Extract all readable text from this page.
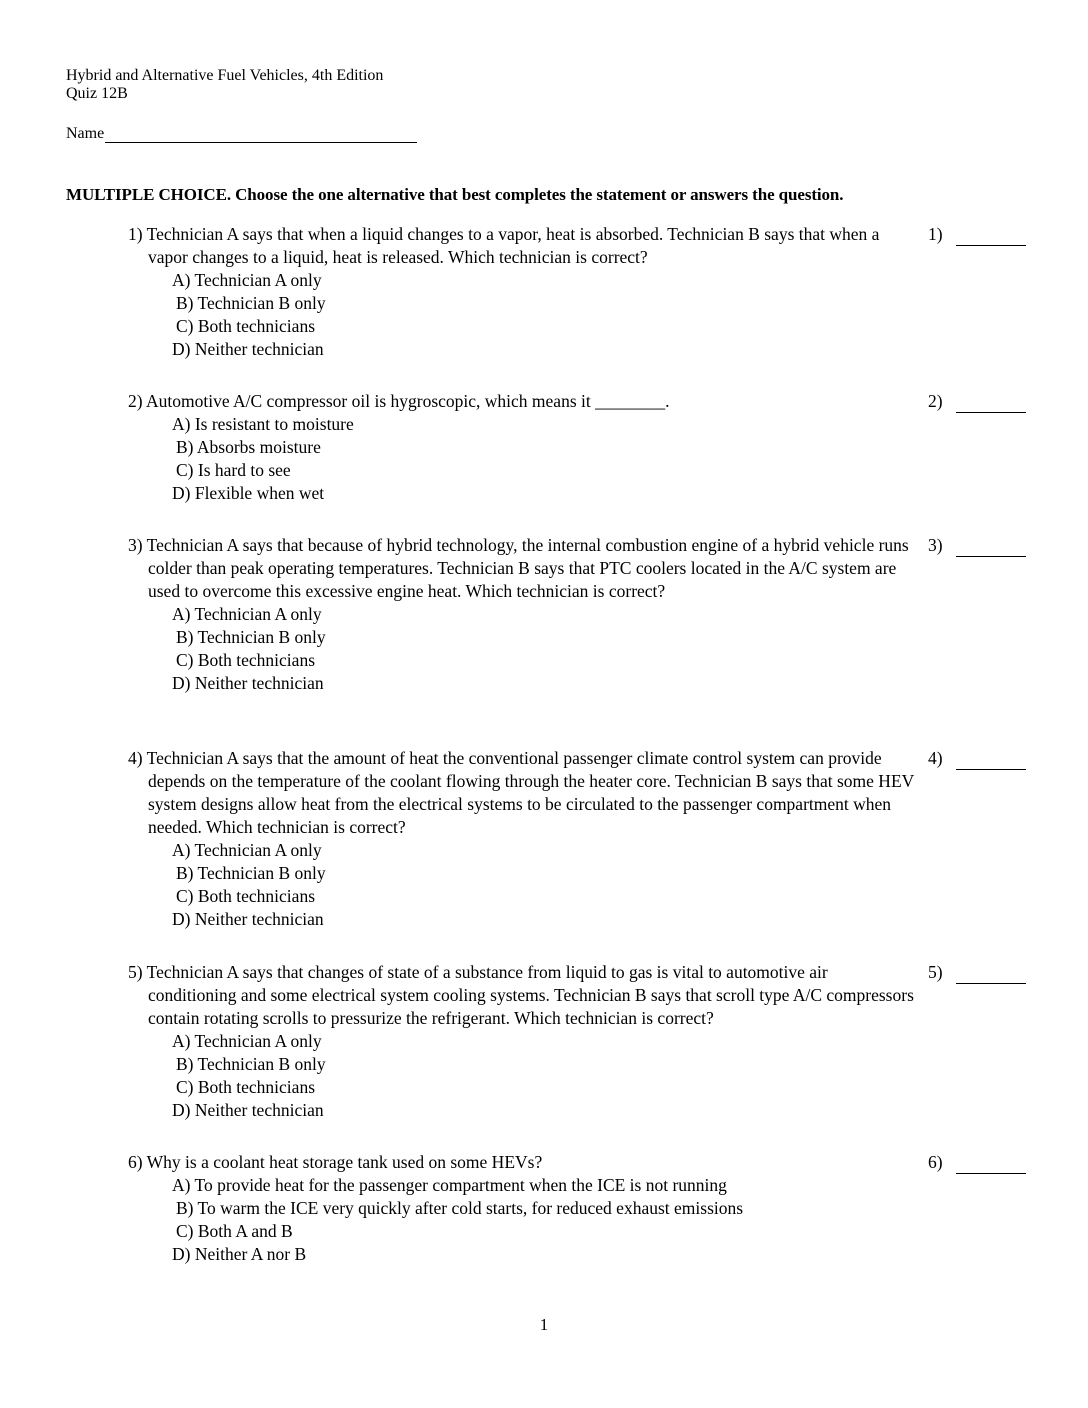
Hybrid and Alternative Fuel Vehicles, 4th Edition
Quiz 12B
Name
MULTIPLE CHOICE. Choose the one alternative that best completes the statement or answers the question.
1) Technician A says that when a liquid changes to a vapor, heat is absorbed. Technician B says that when a vapor changes to a liquid, heat is released. Which technician is correct?
A) Technician A only
B) Technician B only
C) Both technicians
D) Neither technician
1)
2) Automotive A/C compressor oil is hygroscopic, which means it ________.
A) Is resistant to moisture
B) Absorbs moisture
C) Is hard to see
D) Flexible when wet
2)
3) Technician A says that because of hybrid technology, the internal combustion engine of a hybrid vehicle runs colder than peak operating temperatures. Technician B says that PTC coolers located in the A/C system are used to overcome this excessive engine heat. Which technician is correct?
A) Technician A only
B) Technician B only
C) Both technicians
D) Neither technician
3)
4) Technician A says that the amount of heat the conventional passenger climate control system can provide depends on the temperature of the coolant flowing through the heater core. Technician B says that some HEV system designs allow heat from the electrical systems to be circulated to the passenger compartment when needed. Which technician is correct?
A) Technician A only
B) Technician B only
C) Both technicians
D) Neither technician
4)
5) Technician A says that changes of state of a substance from liquid to gas is vital to automotive air conditioning and some electrical system cooling systems. Technician B says that scroll type A/C compressors contain rotating scrolls to pressurize the refrigerant. Which technician is correct?
A) Technician A only
B) Technician B only
C) Both technicians
D) Neither technician
5)
6) Why is a coolant heat storage tank used on some HEVs?
A) To provide heat for the passenger compartment when the ICE is not running
B) To warm the ICE very quickly after cold starts, for reduced exhaust emissions
C) Both A and B
D) Neither A nor B
6)
1
